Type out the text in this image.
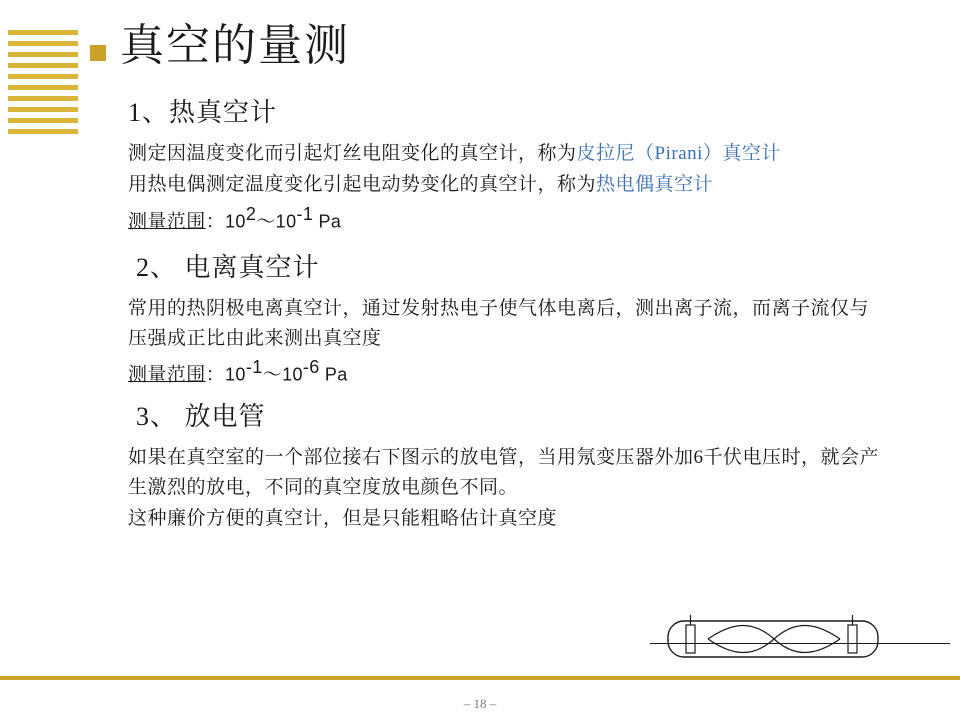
真空的量测
1、热真空计

测定因温度变化而引起灯丝电阻变化的真空计，称为皮拉尼（Pirani）真空计

用热电偶测定温度变化引起电动势变化的真空计，称为热电偶真空计

测量范围：$10^2\sim 10^{-1}$ Pa

2、 电离真空计

常用的热阴极电离真空计，通过发射热电子使气体电离后，测出离子流，而离子流仅与压强成正比由此来测出真空度

测量范围：$10^{-1}\sim 10^{-6}$ Pa

3、 放电管

如果在真空室的一个部位接右下图示的放电管，当用氖变压器外加6千伏电压时，就会产生激烈的放电，不同的真空度放电颜色不同。

这种廉价方便的真空计，但是只能粗略估计真空度

– 18 –
